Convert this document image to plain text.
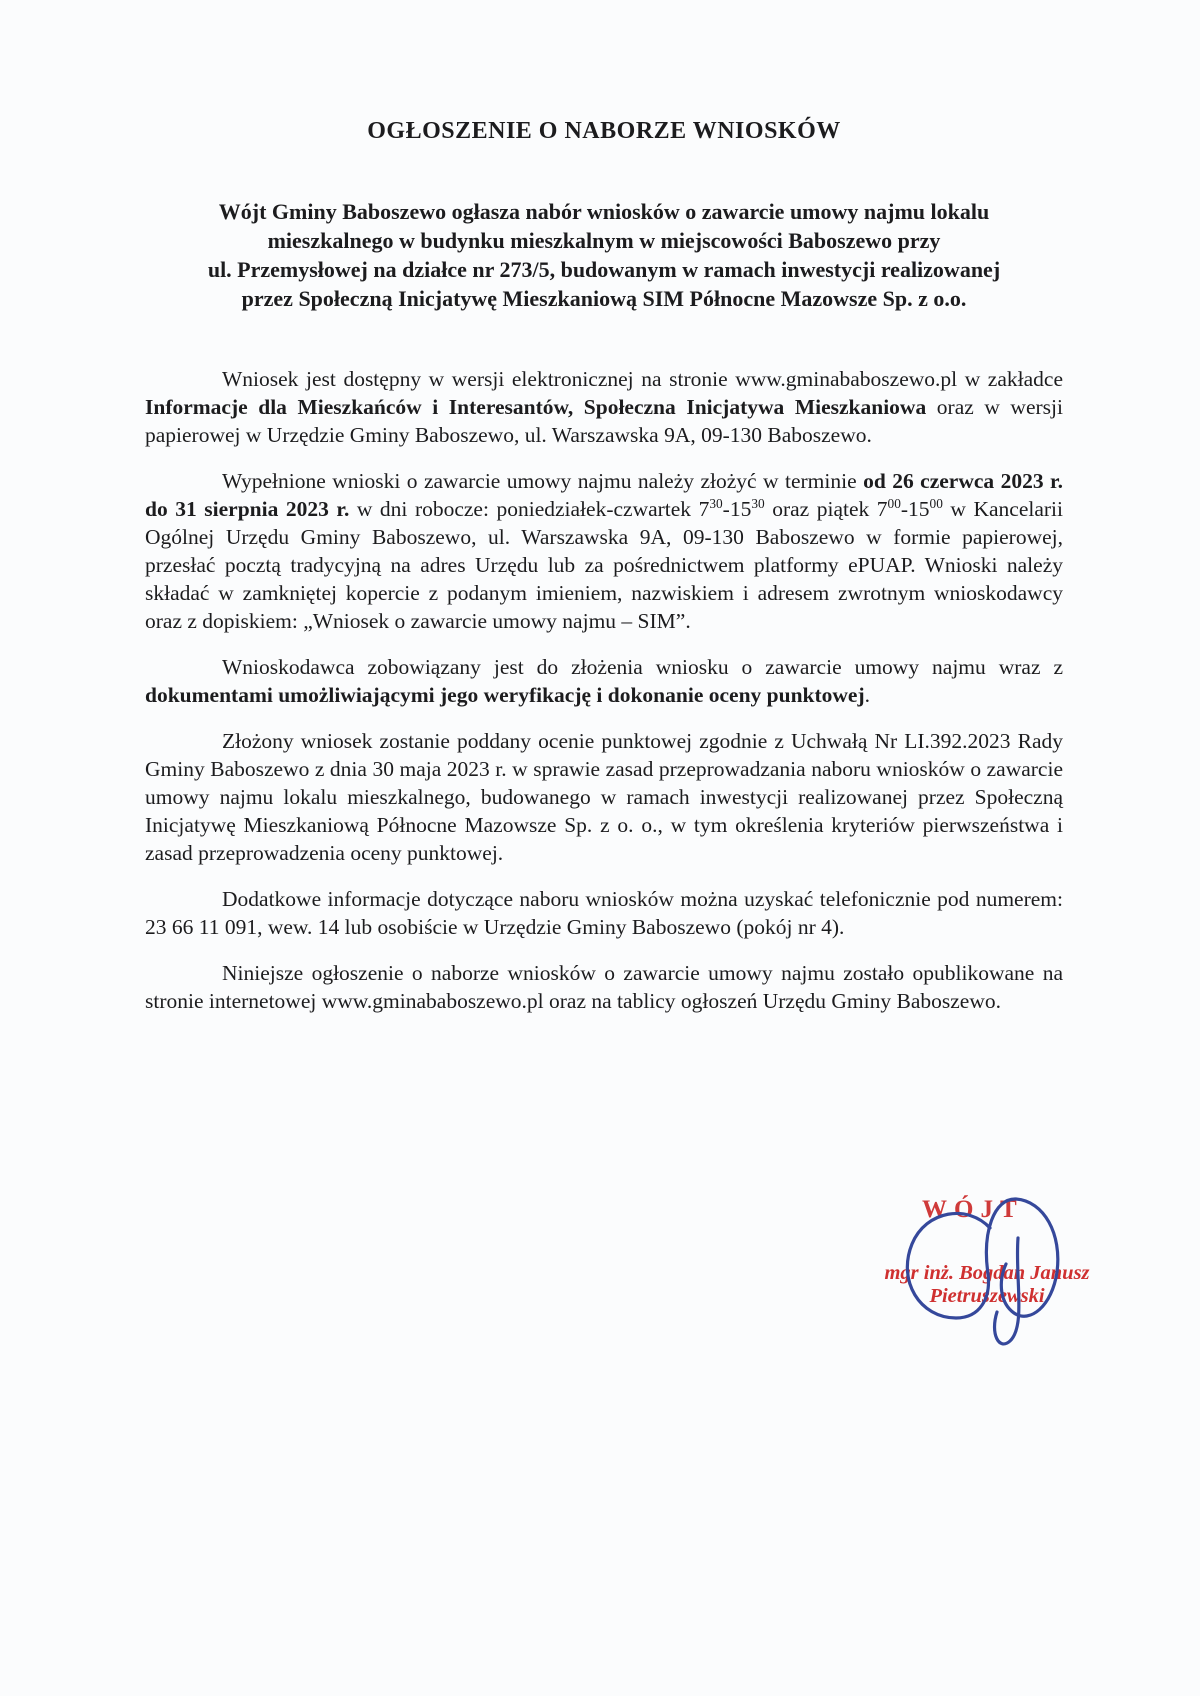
OGŁOSZENIE O NABORZE WNIOSKÓW
Wójt Gminy Baboszewo ogłasza nabór wniosków o zawarcie umowy najmu lokalu
mieszkalnego w budynku mieszkalnym w miejscowości Baboszewo przy
ul. Przemysłowej na działce nr 273/5, budowanym w ramach inwestycji realizowanej
przez Społeczną Inicjatywę Mieszkaniową SIM Północne Mazowsze Sp. z o.o.

Wniosek jest dostępny w wersji elektronicznej na stronie www.gminababoszewo.pl w zakładce Informacje dla Mieszkańców i Interesantów, Społeczna Inicjatywa Mieszkaniowa oraz w wersji papierowej w Urzędzie Gminy Baboszewo, ul. Warszawska 9A, 09-130 Baboszewo.

Wypełnione wnioski o zawarcie umowy najmu należy złożyć w terminie od 26 czerwca 2023 r. do 31 sierpnia 2023 r. w dni robocze: poniedziałek-czwartek $7^{30}-15^{30}$ oraz piątek $7^{00}-15^{00}$ w Kancelarii Ogólnej Urzędu Gminy Baboszewo, ul. Warszawska 9A, 09-130 Baboszewo w formie papierowej, przesłać pocztą tradycyjną na adres Urzędu lub za pośrednictwem platformy ePUAP. Wnioski należy składać w zamkniętej kopercie z podanym imieniem, nazwiskiem i adresem zwrotnym wnioskodawcy oraz z dopiskiem: „Wniosek o zawarcie umowy najmu – SIM”.

Wnioskodawca zobowiązany jest do złożenia wniosku o zawarcie umowy najmu wraz z dokumentami umożliwiającymi jego weryfikację i dokonanie oceny punktowej.

Złożony wniosek zostanie poddany ocenie punktowej zgodnie z Uchwałą Nr LI.392.2023 Rady Gminy Baboszewo z dnia 30 maja 2023 r. w sprawie zasad przeprowadzania naboru wniosków o zawarcie umowy najmu lokalu mieszkalnego, budowanego w ramach inwestycji realizowanej przez Społeczną Inicjatywę Mieszkaniową Północne Mazowsze Sp. z o. o., w tym określenia kryteriów pierwszeństwa i zasad przeprowadzenia oceny punktowej.

Dodatkowe informacje dotyczące naboru wniosków można uzyskać telefonicznie pod numerem: 23 66 11 091, wew. 14 lub osobiście w Urzędzie Gminy Baboszewo (pokój nr 4).

Niniejsze ogłoszenie o naborze wniosków o zawarcie umowy najmu zostało opublikowane na stronie internetowej www.gminababoszewo.pl oraz na tablicy ogłoszeń Urzędu Gminy Baboszewo.

WÓJT
mgr inż. Bogdan Janusz Pietruszewski
